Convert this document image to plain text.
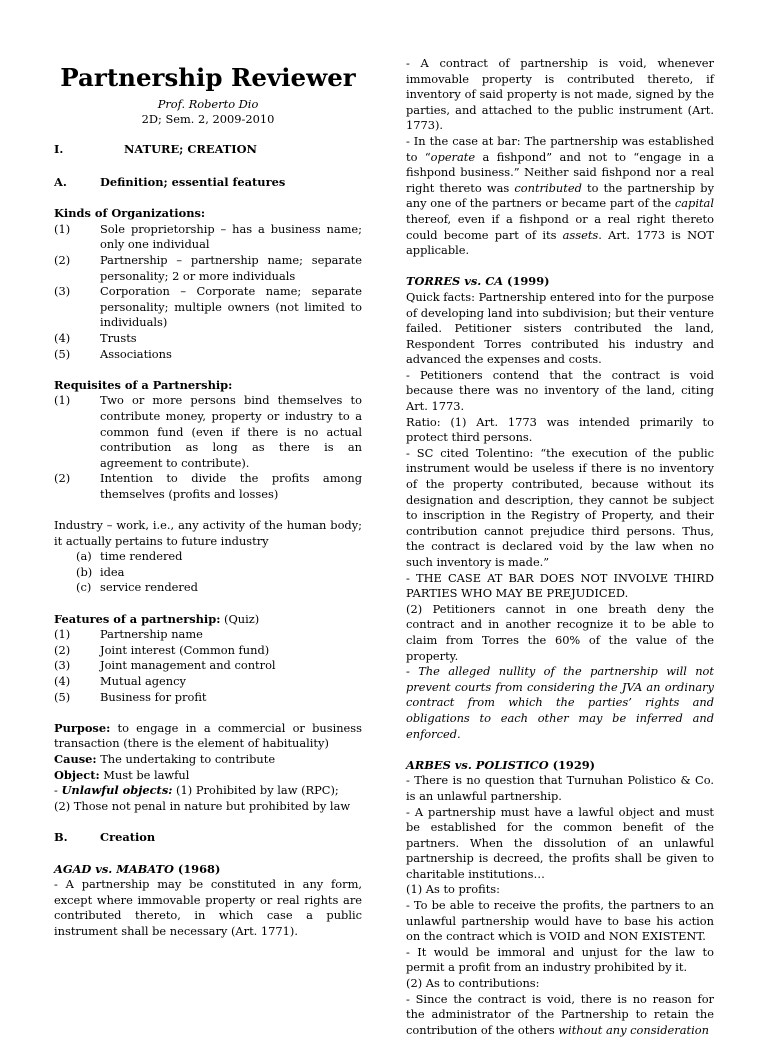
Partnership Reviewer
Prof. Roberto Dio
2D; Sem. 2, 2009-2010
I.	NATURE; CREATION
A.	Definition; essential features
Kinds of Organizations:
(1)	Sole proprietorship – has a business name; only one individual
(2)	Partnership – partnership name; separate personality; 2 or more individuals
(3)	Corporation – Corporate name; separate personality; multiple owners (not limited to individuals)
(4)	Trusts
(5)	Associations
Requisites of a Partnership:
(1)	Two or more persons bind themselves to contribute money, property or industry to a common fund (even if there is no actual contribution as long as there is an agreement to contribute).
(2)	Intention to divide the profits among themselves (profits and losses)
Industry – work, i.e., any activity of the human body; it actually pertains to future industry
(a) time rendered
(b) idea
(c) service rendered
Features of a partnership: (Quiz)
(1)	Partnership name
(2)	Joint interest (Common fund)
(3)	Joint management and control
(4)	Mutual agency
(5)	Business for profit
Purpose: to engage in a commercial or business transaction (there is the element of habituality)
Cause: The undertaking to contribute
Object: Must be lawful
- Unlawful objects: (1) Prohibited by law (RPC);
(2) Those not penal in nature but prohibited by law
B.	Creation
AGAD vs. MABATO (1968)
- A partnership may be constituted in any form, except where immovable property or real rights are contributed thereto, in which case a public instrument shall be necessary (Art. 1771).
- A contract of partnership is void, whenever immovable property is contributed thereto, if inventory of said property is not made, signed by the parties, and attached to the public instrument (Art. 1773).
- In the case at bar: The partnership was established to “operate a fishpond” and not to “engage in a fishpond business.” Neither said fishpond nor a real right thereto was contributed to the partnership by any one of the partners or became part of the capital thereof, even if a fishpond or a real right thereto could become part of its assets. Art. 1773 is NOT applicable.
TORRES vs. CA (1999)
Quick facts: Partnership entered into for the purpose of developing land into subdivision; but their venture failed. Petitioner sisters contributed the land, Respondent Torres contributed his industry and advanced the expenses and costs.
- Petitioners contend that the contract is void because there was no inventory of the land, citing Art. 1773.
Ratio: (1) Art. 1773 was intended primarily to protect third persons.
- SC cited Tolentino: “the execution of the public instrument would be useless if there is no inventory of the property contributed, because without its designation and description, they cannot be subject to inscription in the Registry of Property, and their contribution cannot prejudice third persons. Thus, the contract is declared void by the law when no such inventory is made.”
- THE CASE AT BAR DOES NOT INVOLVE THIRD PARTIES WHO MAY BE PREJUDICED.
(2) Petitioners cannot in one breath deny the contract and in another recognize it to be able to claim from Torres the 60% of the value of the property.
- The alleged nullity of the partnership will not prevent courts from considering the JVA an ordinary contract from which the parties’ rights and obligations to each other may be inferred and enforced.
ARBES vs. POLISTICO (1929)
- There is no question that Turnuhan Polistico & Co. is an unlawful partnership.
- A partnership must have a lawful object and must be established for the common benefit of the partners. When the dissolution of an unlawful partnership is decreed, the profits shall be given to charitable institutions…
(1) As to profits:
- To be able to receive the profits, the partners to an unlawful partnership would have to base his action on the contract which is VOID and NON EXISTENT.
- It would be immoral and unjust for the law to permit a profit from an industry prohibited by it.
(2) As to contributions:
- Since the contract is void, there is no reason for the administrator of the Partnership to retain the contribution of the others without any consideration
